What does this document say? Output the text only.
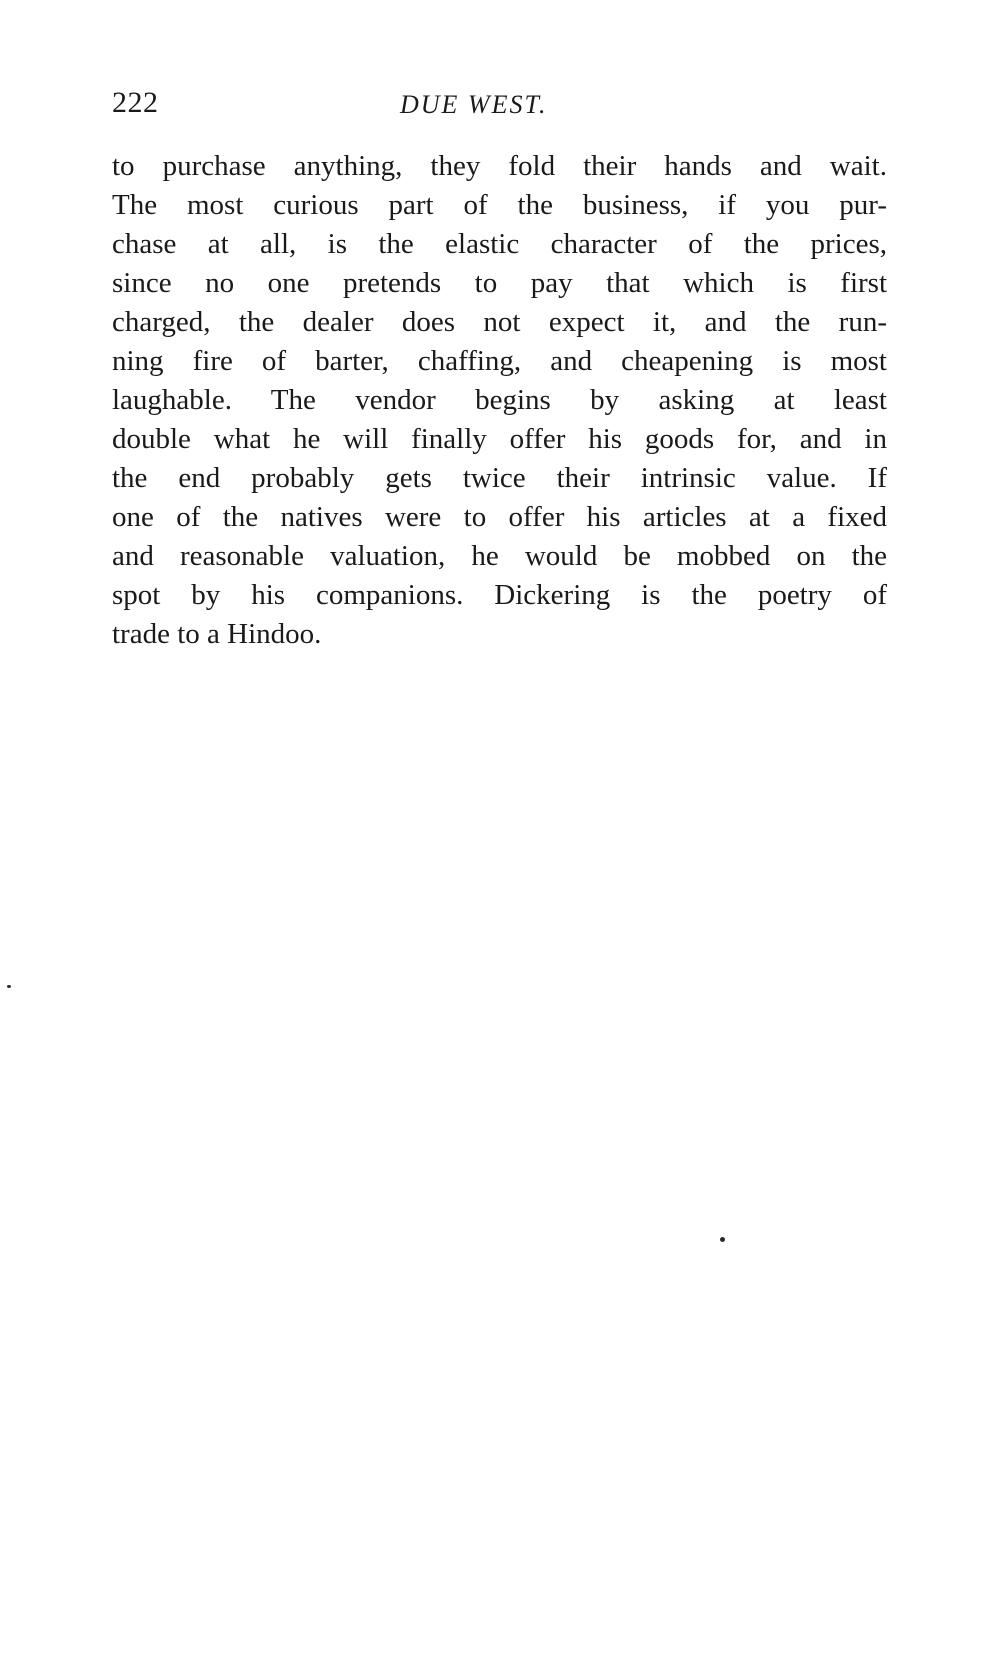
222	DUE WEST.
to purchase anything, they fold their hands and wait.
The most curious part of the business, if you pur-
chase at all, is the elastic character of the prices,
since no one pretends to pay that which is first
charged, the dealer does not expect it, and the run-
ning fire of barter, chaffing, and cheapening is most
laughable. The vendor begins by asking at least
double what he will finally offer his goods for, and in
the end probably gets twice their intrinsic value. If
one of the natives were to offer his articles at a fixed
and reasonable valuation, he would be mobbed on the
spot by his companions. Dickering is the poetry of
trade to a Hindoo.
